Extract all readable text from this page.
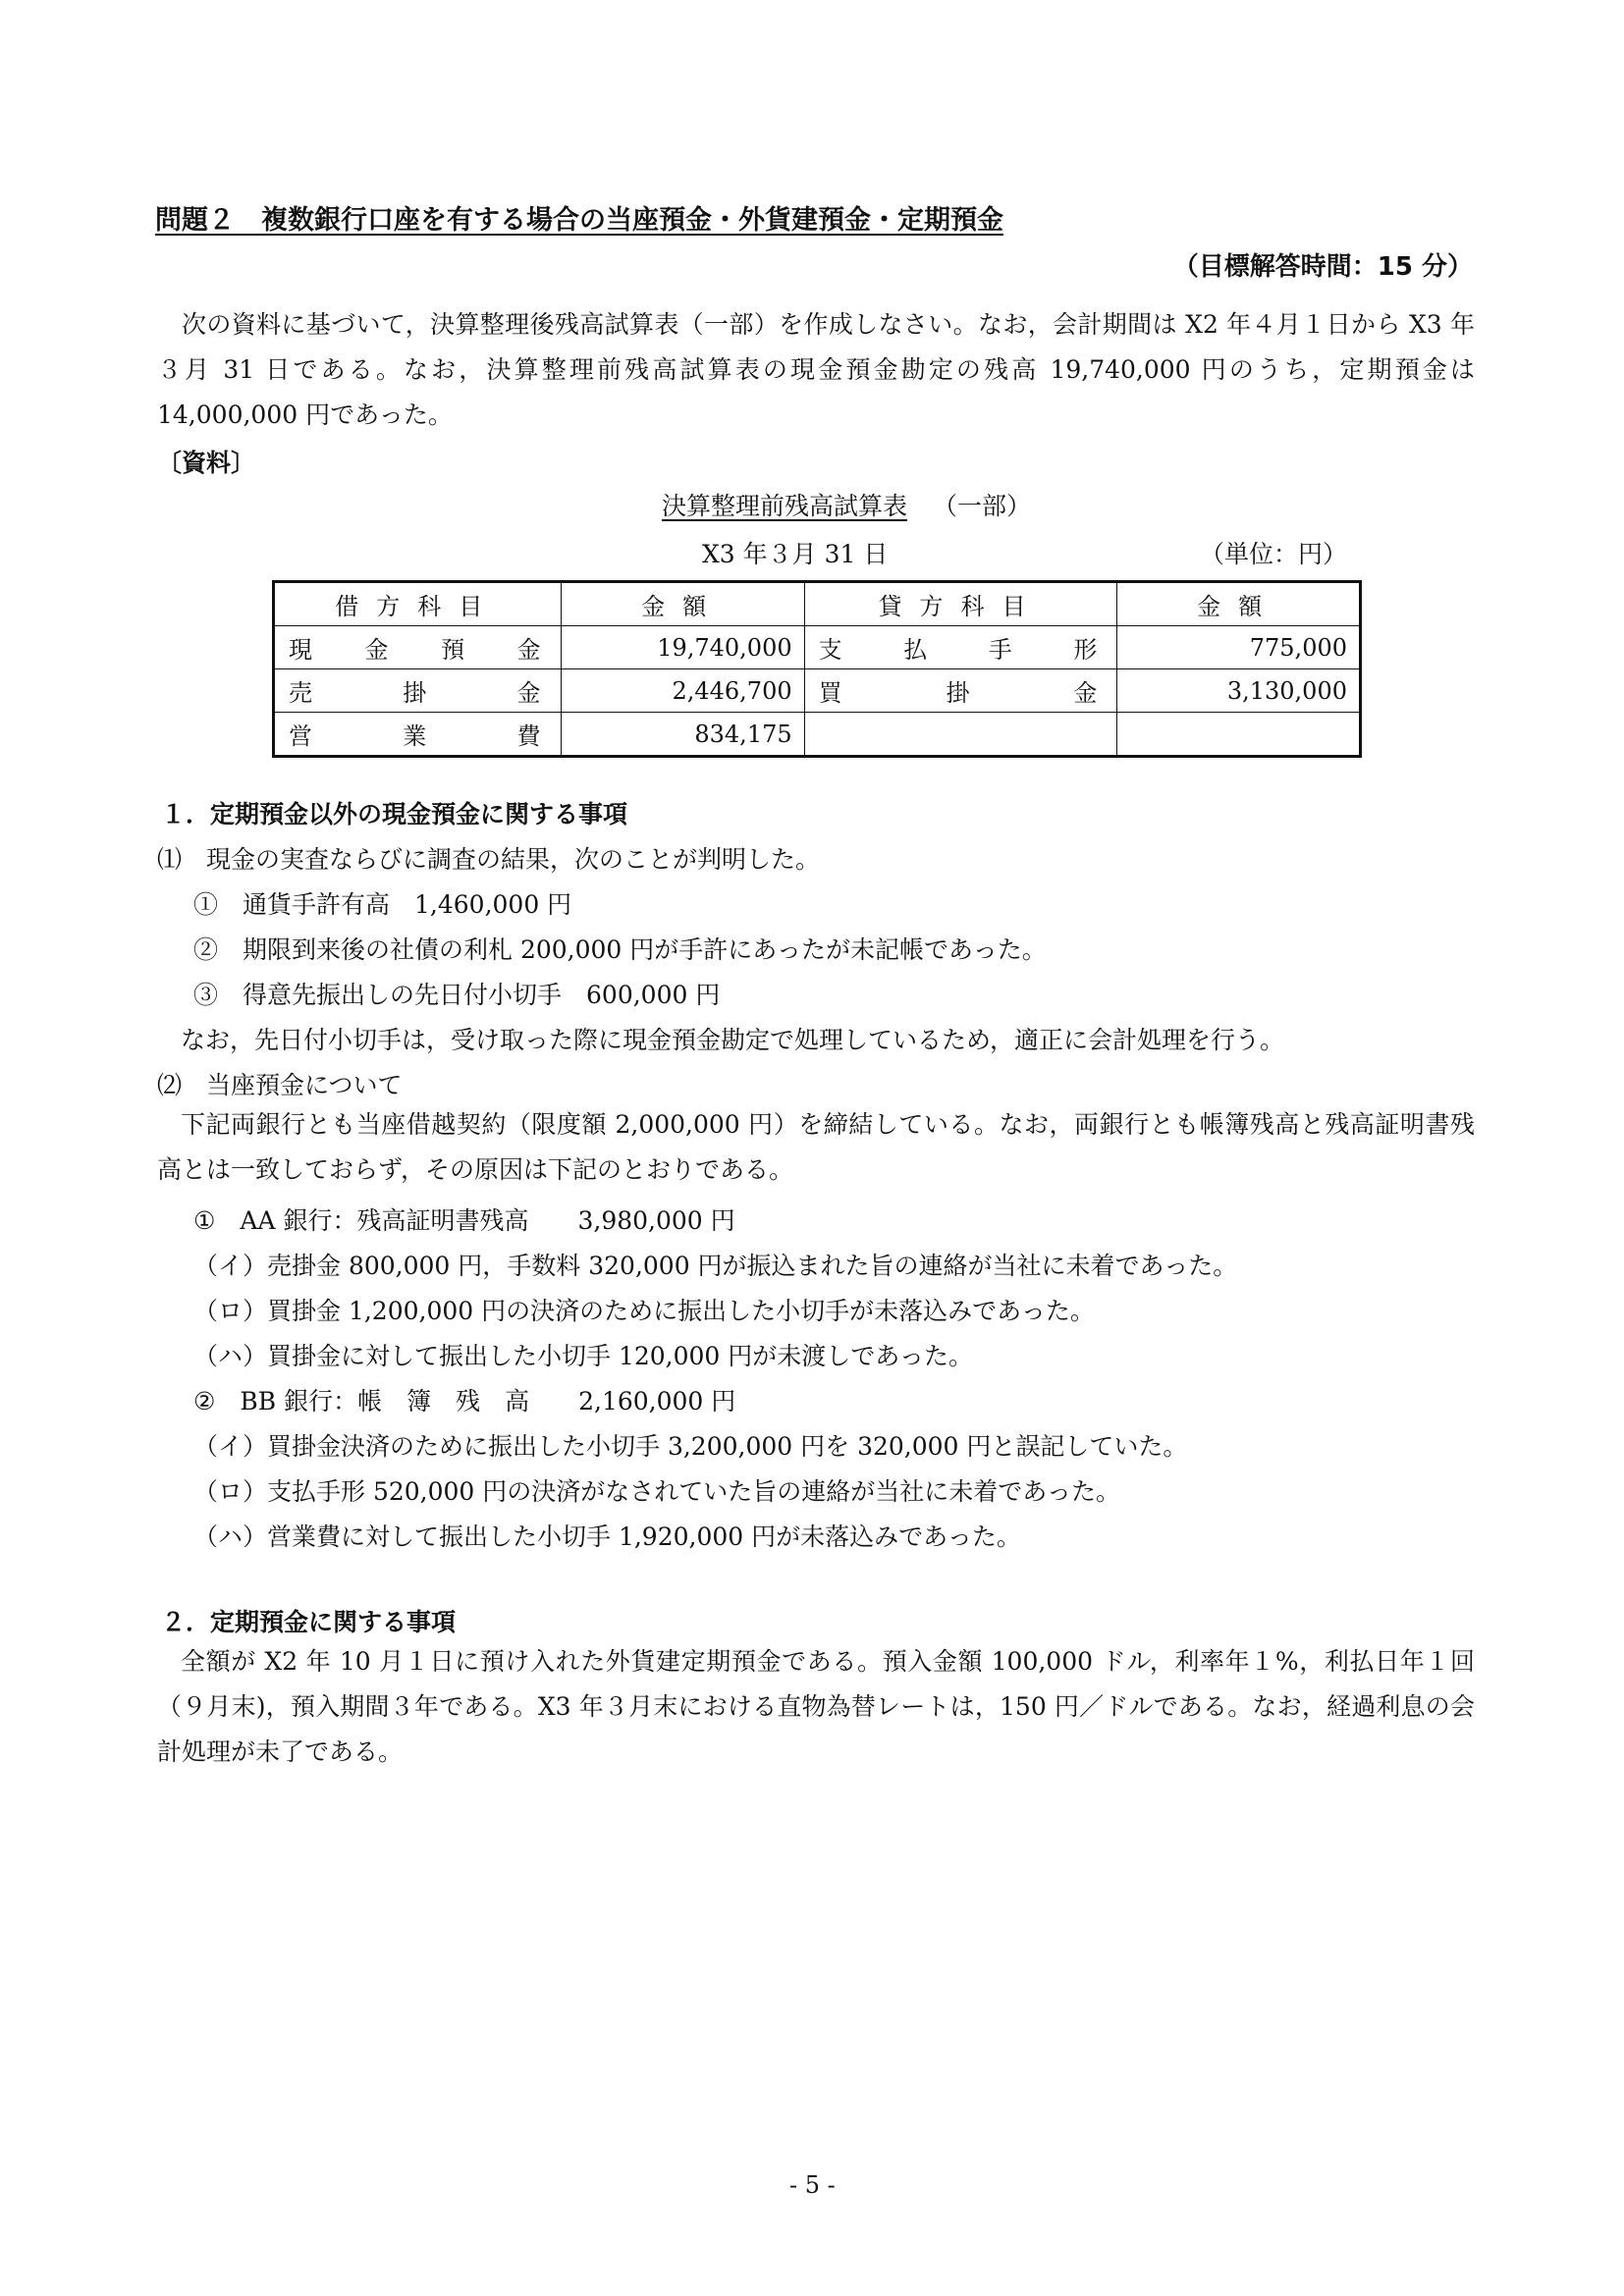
問題２　複数銀行口座を有する場合の当座預金・外貨建預金・定期預金
（目標解答時間：15 分）
次の資料に基づいて，決算整理後残高試算表（一部）を作成しなさい。なお，会計期間は X2 年４月１日から X3 年３月 31 日である。なお，決算整理前残高試算表の現金預金勘定の残高 19,740,000 円のうち，定期預金は 14,000,000 円であった。
〔資料〕
決算整理前残高試算表 （一部）
X3 年３月 31 日	（単位：円）
借方科目	金額	貸方科目	金額
現金預金	19,740,000	支払手形	775,000
売掛金	2,446,700	買掛金	3,130,000
営業費	834,175		
１．定期預金以外の現金預金に関する事項
⑴　現金の実査ならびに調査の結果，次のことが判明した。
①　通貨手許有高　1,460,000 円
②　期限到来後の社債の利札 200,000 円が手許にあったが未記帳であった。
③　得意先振出しの先日付小切手　600,000 円
なお，先日付小切手は，受け取った際に現金預金勘定で処理しているため，適正に会計処理を行う。
⑵　当座預金について
下記両銀行とも当座借越契約（限度額 2,000,000 円）を締結している。なお，両銀行とも帳簿残高と残高証明書残高とは一致しておらず，その原因は下記のとおりである。
①　AA 銀行：残高証明書残高　　3,980,000 円
（イ）売掛金 800,000 円，手数料 320,000 円が振込まれた旨の連絡が当社に未着であった。
（ロ）買掛金 1,200,000 円の決済のために振出した小切手が未落込みであった。
（ハ）買掛金に対して振出した小切手 120,000 円が未渡しであった。
②　BB 銀行：帳　簿　残　高　　2,160,000 円
（イ）買掛金決済のために振出した小切手 3,200,000 円を 320,000 円と誤記していた。
（ロ）支払手形 520,000 円の決済がなされていた旨の連絡が当社に未着であった。
（ハ）営業費に対して振出した小切手 1,920,000 円が未落込みであった。
２．定期預金に関する事項
全額が X2 年 10 月１日に預け入れた外貨建定期預金である。預入金額 100,000 ドル，利率年１%，利払日年１回（９月末)，預入期間３年である。X3 年３月末における直物為替レートは，150 円／ドルである。なお，経過利息の会計処理が未了である。
- 5 -
